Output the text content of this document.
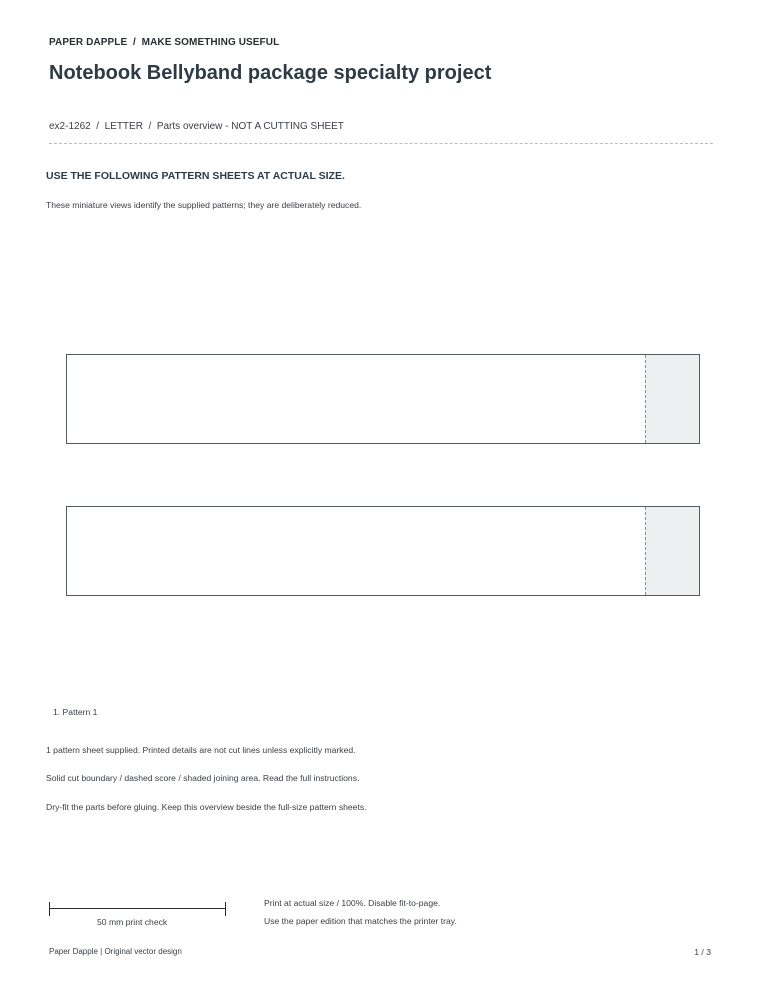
PAPER DAPPLE  /  MAKE SOMETHING USEFUL
Notebook Bellyband package specialty project
ex2-1262  /  LETTER  /  Parts overview - NOT A CUTTING SHEET
USE THE FOLLOWING PATTERN SHEETS AT ACTUAL SIZE.
These miniature views identify the supplied patterns; they are deliberately reduced.
1. Pattern 1
1 pattern sheet supplied. Printed details are not cut lines unless explicitly marked.
Solid cut boundary / dashed score / shaded joining area. Read the full instructions.
Dry-fit the parts before gluing. Keep this overview beside the full-size pattern sheets.
50 mm print check
Print at actual size / 100%. Disable fit-to-page.
Use the paper edition that matches the printer tray.
Paper Dapple | Original vector design	1 / 3
